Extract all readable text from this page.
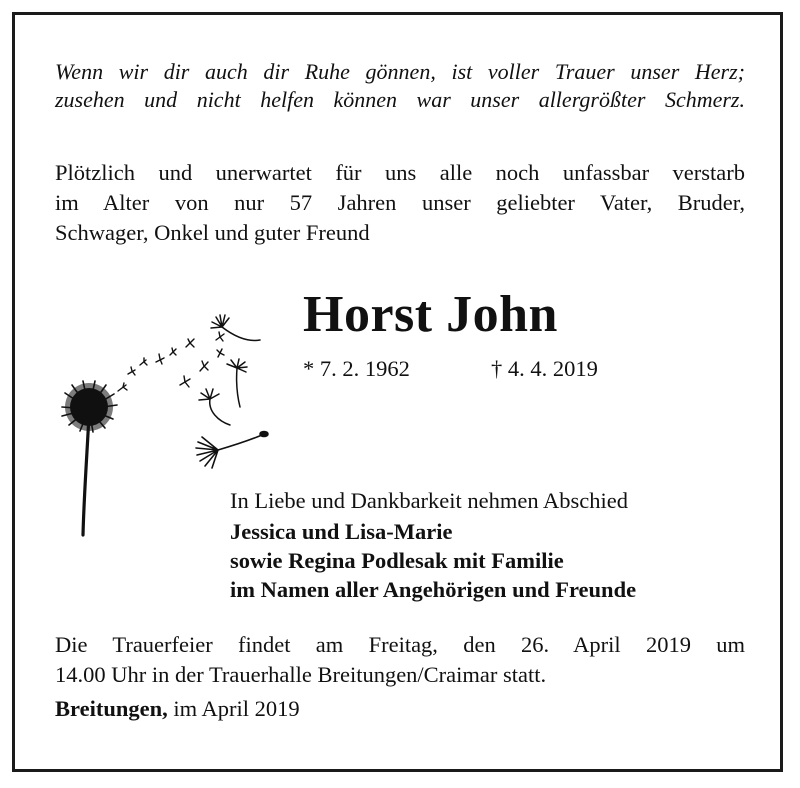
Wenn wir dir auch dir Ruhe gönnen, ist voller Trauer unser Herz;
zusehen und nicht helfen können war unser allergrößter Schmerz.
Plötzlich und unerwartet für uns alle noch unfassbar verstarb
im Alter von nur 57 Jahren unser geliebter Vater, Bruder,
Schwager, Onkel und guter Freund
Horst John
* 7. 2. 1962	† 4. 4. 2019
In Liebe und Dankbarkeit nehmen Abschied
Jessica und Lisa-Marie
sowie Regina Podlesak mit Familie
im Namen aller Angehörigen und Freunde
Die Trauerfeier findet am Freitag, den 26. April 2019 um
14.00 Uhr in der Trauerhalle Breitungen/Craimar statt.
Breitungen, im April 2019
